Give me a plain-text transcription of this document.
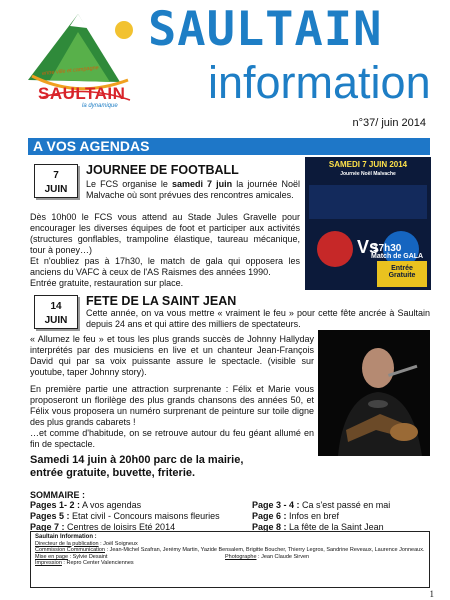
entre ville et campagne
SAULTAIN
la dynamique
SAULTAIN
information
n°37/ juin 2014
A VOS AGENDAS
7
JUIN
JOURNEE DE FOOTBALL
Le FCS organise le samedi 7 juin la journée Noël Malvache où sont prévues des rencontres amicales.
Dès 10h00 le FCS vous attend au Stade Jules Gravelle pour encourager les diverses équipes de foot et participer aux activités (structures gonflables, trampoline élastique, taureau mécanique, tour à poney…)
Et n'oubliez pas à 17h30, le match de gala qui opposera les anciens du VAFC à ceux de l'AS Raismes des années 1990.
Entrée gratuite, restauration sur place.
SAMEDI 7 JUIN 2014
Journée Noël Malvache
Vs
17h30
Match de GALA
Entrée Gratuite
14
JUIN
FETE DE LA SAINT JEAN
Cette année, on va vous mettre « vraiment le feu » pour cette fête ancrée à Saultain depuis 24 ans et qui attire des milliers de spectateurs.
« Allumez le feu » et tous les plus grands succès de Johnny Hallyday interprétés par des musiciens en live et un chanteur Jean-François David qui par sa voix puissante assure le spectacle. (visible sur youtube, taper Johnny story).
En première partie une attraction surprenante : Félix et Marie vous proposeront un florilège des plus grands chansons des années 50, et Félix vous proposera un numéro surprenant de peinture sur toile digne des plus grands cabarets !
…et comme d'habitude, on se retrouve autour du feu géant allumé en fin de spectacle.
Samedi 14 juin à 20h00 parc de la mairie,
entrée gratuite, buvette, friterie.
SOMMAIRE :
Pages 1- 2 : A vos agendas
Pages 5 : Etat civil - Concours maisons fleuries
Page 7 : Centres de loisirs Eté 2014
Page 3 - 4 : Ca s'est passé en mai
Page 6 : Infos en bref
Page 8 : La fête de la Saint Jean
Saultain Information :
Directeur de la publication : Joël Soigneux
Commission Communication : Jean-Michel Szafran, Jerémy Martin, Yazide Bensalem, Brigitte Boucher, Thierry Legros, Sandrine Reveaux, Laurence Jonneaux.
Mise en page : Sylvie Desaint	Photographe : Jean Claude Sirven
Impression : Repro Center Valenciennes
1
